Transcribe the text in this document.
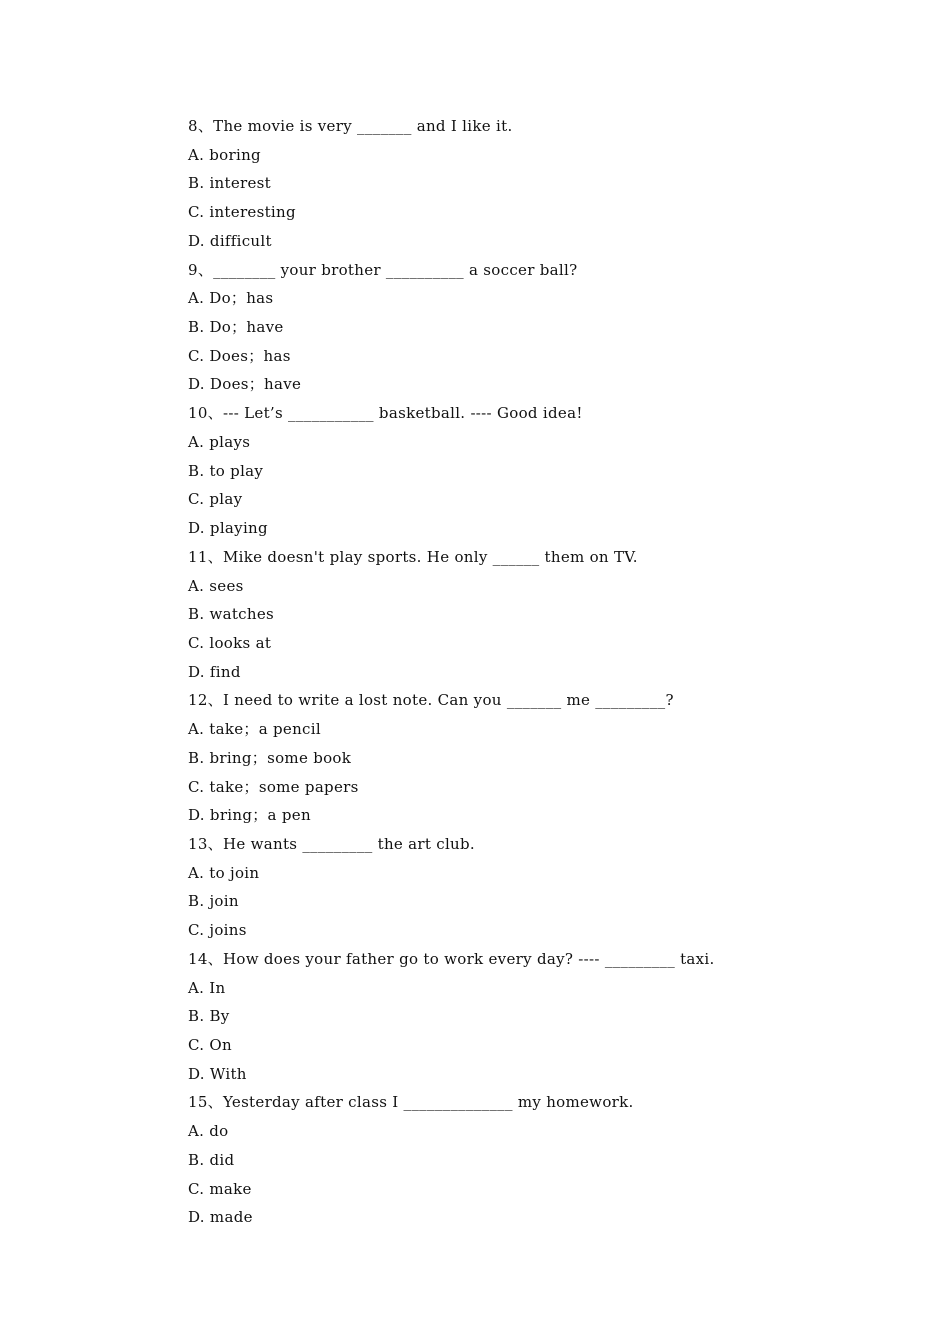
8、The movie is very _______ and I like it.
A. boring
B. interest
C. interesting
D. difficult
9、________ your brother __________ a soccer ball?
A. Do；has
B. Do；have
C. Does；has
D. Does；have
10、--- Let’s ___________ basketball. ---- Good idea!
A. plays
B. to play
C. play
D. playing
11、Mike doesn't play sports. He only ______ them on TV.
A. sees
B. watches
C. looks at
D. find
12、I need to write a lost note. Can you _______ me _________?
A. take；a pencil
B. bring；some book
C. take；some papers
D. bring；a pen
13、He wants _________ the art club.
A. to join
B. join
C. joins
14、How does your father go to work every day? ---- _________ taxi.
A. In
B. By
C. On
D. With
15、Yesterday after class I ______________ my homework.
A. do
B. did
C. make
D. made
